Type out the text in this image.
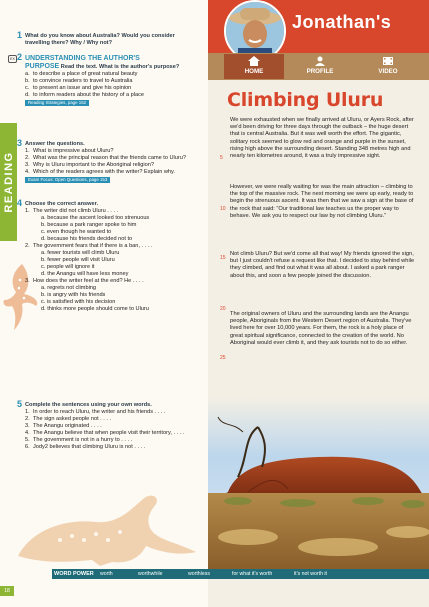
READING
1 What do you know about Australia? Would you consider travelling there? Why / Why not?
EX 2 UNDERSTANDING THE AUTHOR'S
PURPOSE Read the text. What is the author's purpose?
a. to describe a place of great natural beauty
b. to convince readers to travel to Australia
c. to present an issue and give his opinion
d. to inform readers about the history of a place
Reading Strategies, page 152
3 Answer the questions.
1. What is impressive about Uluru?
2. What was the principal reason that the friends came to Uluru?
3. Why is Uluru important to the Aboriginal religion?
4. Which of the readers agrees with the writer? Explain why.
Exam Focus: Open Questions, page 153
4 Choose the correct answer.
1. The writer did not climb Uluru . . . .
a. because the ascent looked too strenuous
b. because a park ranger spoke to him
c. even though he wanted to
d. because his friends decided not to
2. The government fears that if there is a ban, . . . .
a. fewer tourists will climb Uluru
b. fewer people will visit Uluru
c. people will ignore it
d. the Anangu will have less money
3. How does the writer feel at the end? He . . . .
a. regrets not climbing
b. is angry with his friends
c. is satisfied with his decision
d. thinks more people should come to Uluru
5 Complete the sentences using your own words.
1. In order to reach Uluru, the writer and his friends . . . .
2. The sign asked people not . . . .
3. The Anangu originated . . . .
4. The Anangu believe that when people visit their territory, . . . .
5. The government is not in a hurry to . . . .
6. Jody2 believes that climbing Uluru is not . . . .
Jonathan's
HOME	PROFILE	VIDEO
Climbing Uluru
We were exhausted when we finally arrived at Uluru, or Ayers Rock, after we'd been driving for three days through the outback – the huge desert that is central Australia. But it was well worth the effort. The gigantic, solitary rock seemed to glow red and orange and purple in the sunset, rising high above the surrounding desert. Standing 348 metres high and nearly ten kilometres around, it was a truly impressive sight.
However, we were really waiting for was the main attraction – climbing to the top of the massive rock. The next morning we were up early, ready to begin the strenuous ascent. It was then that we saw a sign at the base of the rock that said: “Our traditional law teaches us the proper way to behave. We ask you to respect our law by not climbing Uluru.”
Not climb Uluru? But we'd come all that way! My friends ignored the sign, but I just couldn't refuse a request like that. I decided to stay behind while they climbed, and find out what it was all about. I asked a park ranger about this, and soon a few people joined the discussion.
The original owners of Uluru and the surrounding lands are the Anangu people, Aboriginals from the Western Desert region of Australia. They've lived here for over 10,000 years. For them, the rock is a holy place of great spiritual significance, connected to the creation of the world. No Aboriginal would ever climb it, and they ask tourists not to do so either.
5
10
15
20
25
WORD POWER worth	worthwhile	worthless	for what it's worth	it's not worth it
18
